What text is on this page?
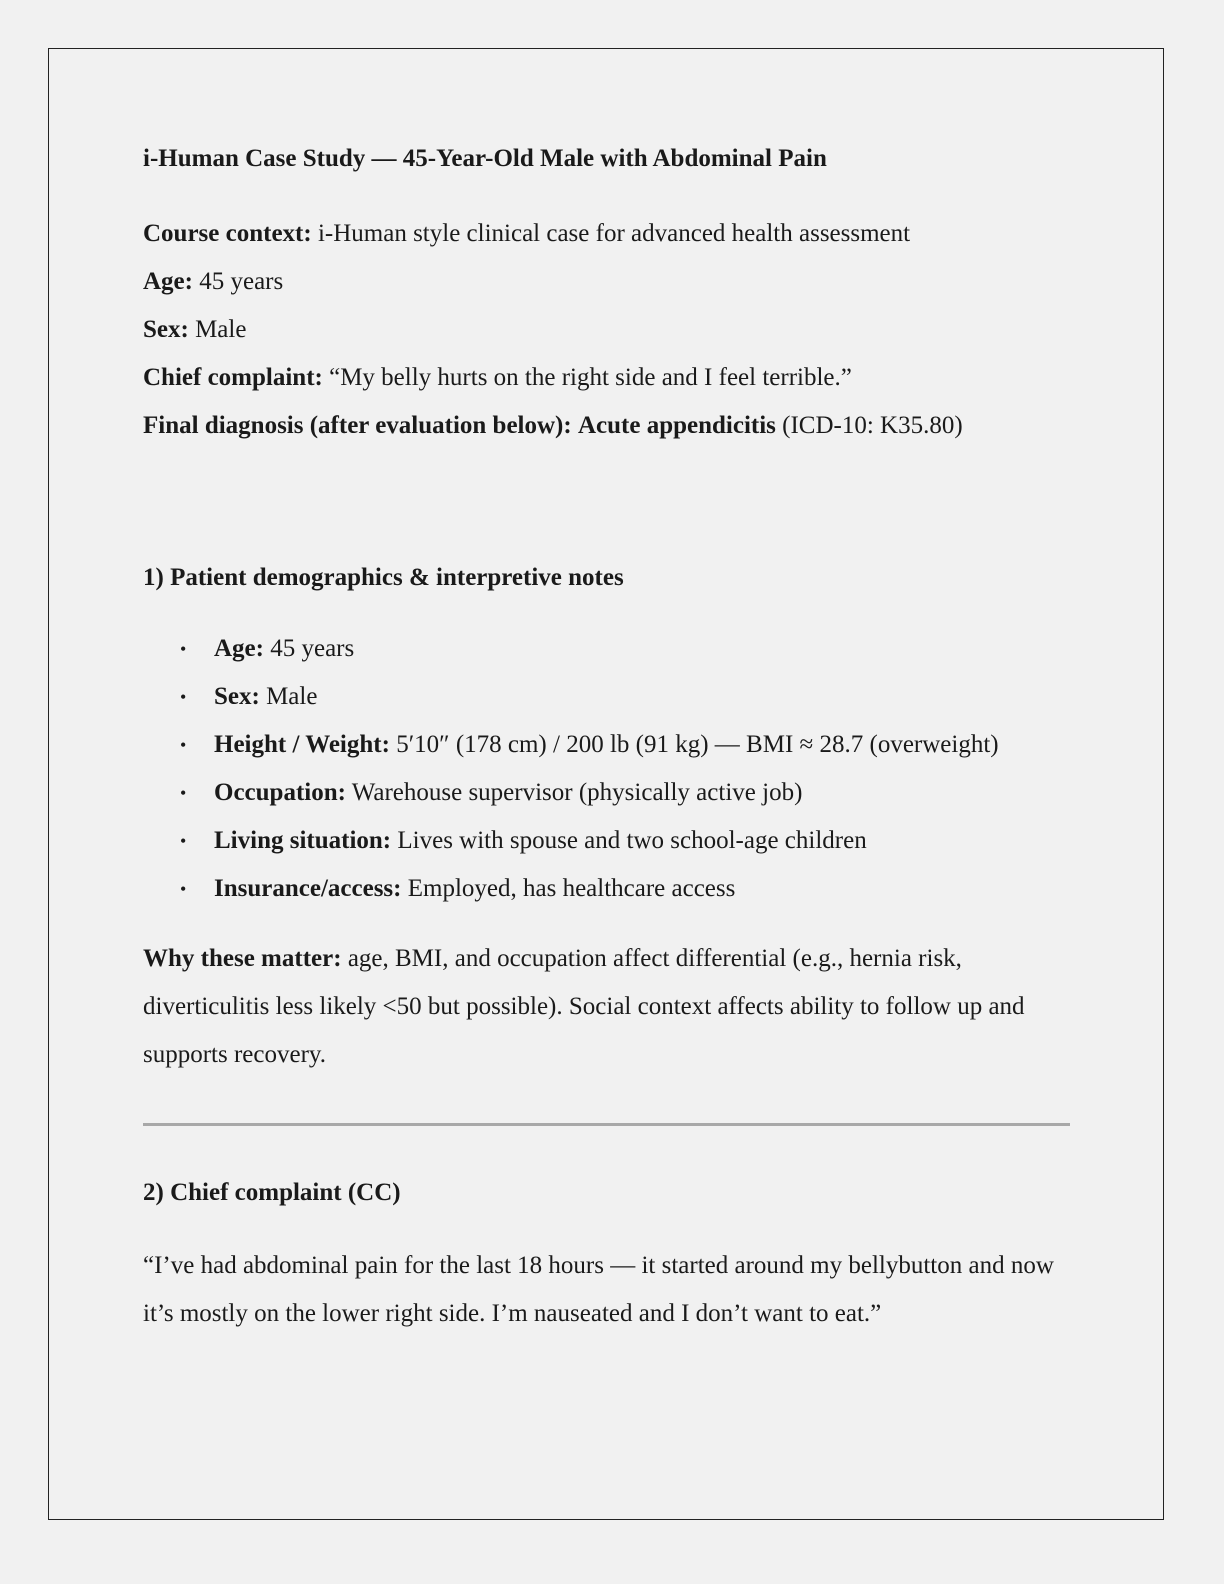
i-Human Case Study — 45-Year-Old Male with Abdominal Pain

Course context: i-Human style clinical case for advanced health assessment

Age: 45 years

Sex: Male

Chief complaint: “My belly hurts on the right side and I feel terrible.”

Final diagnosis (after evaluation below): Acute appendicitis (ICD-10: K35.80)

1) Patient demographics & interpretive notes
• Age: 45 years
• Sex: Male
• Height / Weight: 5′10″ (178 cm) / 200 lb (91 kg) — BMI ≈ 28.7 (overweight)
• Occupation: Warehouse supervisor (physically active job)
• Living situation: Lives with spouse and two school-age children
• Insurance/access: Employed, has healthcare access

Why these matter: age, BMI, and occupation affect differential (e.g., hernia risk, diverticulitis less likely <50 but possible). Social context affects ability to follow up and supports recovery.

2) Chief complaint (CC)

“I’ve had abdominal pain for the last 18 hours — it started around my bellybutton and now it’s mostly on the lower right side. I’m nauseated and I don’t want to eat.”
